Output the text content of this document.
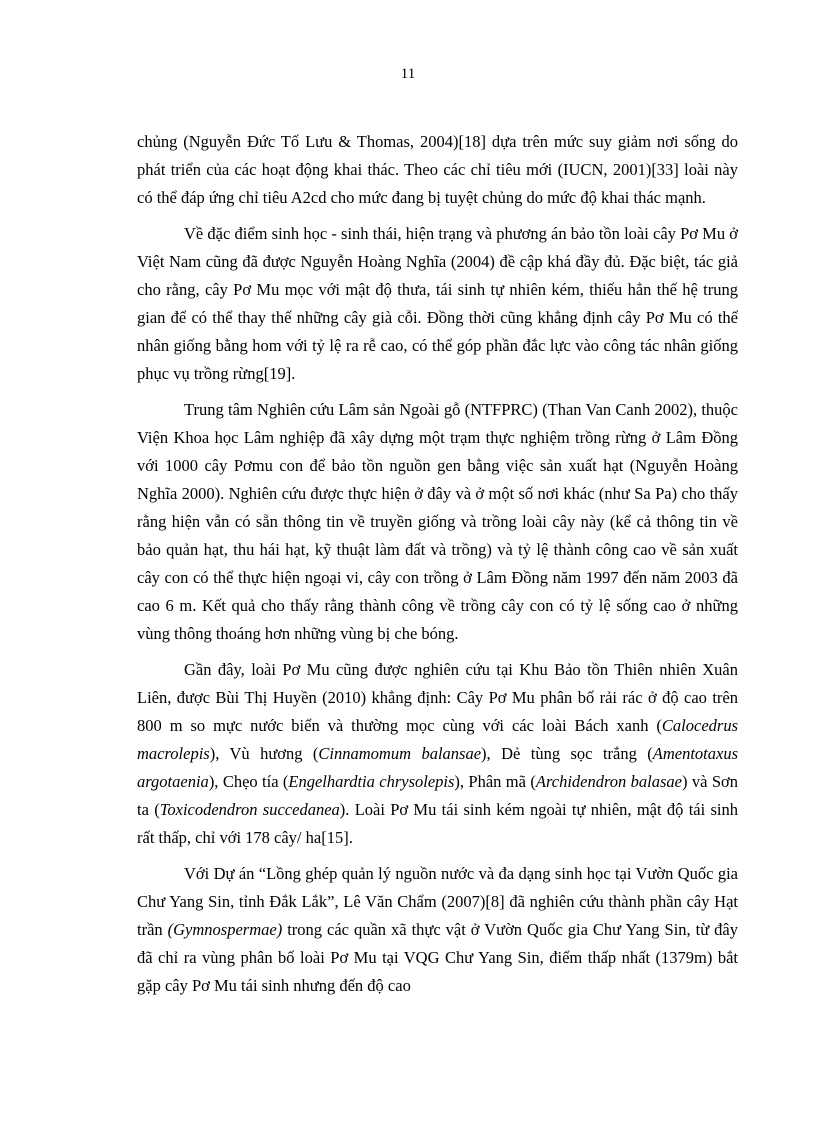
11

chủng (Nguyễn Đức Tố Lưu & Thomas, 2004)[18] dựa trên mức suy giảm nơi sống do phát triển của các hoạt động khai thác. Theo các chỉ tiêu mới (IUCN, 2001)[33] loài này có thể đáp ứng chỉ tiêu A2cd cho mức đang bị tuyệt chủng do mức độ khai thác mạnh.

Về đặc điểm sinh học - sinh thái, hiện trạng và phương án bảo tồn loài cây Pơ Mu ở Việt Nam cũng đã được Nguyễn Hoàng Nghĩa (2004) đề cập khá đầy đủ. Đặc biệt, tác giả cho rằng, cây Pơ Mu mọc với mật độ thưa, tái sinh tự nhiên kém, thiếu hẳn thế hệ trung gian để có thể thay thế những cây già cỗi. Đồng thời cũng khẳng định cây Pơ Mu có thể nhân giống bằng hom với tỷ lệ ra rễ cao, có thể góp phần đắc lực vào công tác nhân giống phục vụ trồng rừng[19].

Trung tâm Nghiên cứu Lâm sản Ngoài gỗ (NTFPRC) (Than Van Canh 2002), thuộc Viện Khoa học Lâm nghiệp đã xây dựng một trạm thực nghiệm trồng rừng ở Lâm Đồng với 1000 cây Pơmu con để bảo tồn nguồn gen bằng việc sản xuất hạt (Nguyễn Hoàng Nghĩa 2000). Nghiên cứu được thực hiện ở đây và ở một số nơi khác (như Sa Pa) cho thấy rằng hiện vẫn có sẵn thông tin về truyền giống và trồng loài cây này (kể cả thông tin về bảo quản hạt, thu hái hạt, kỹ thuật làm đất và trồng) và tỷ lệ thành công cao về sản xuất cây con có thể thực hiện ngoại vi, cây con trồng ở Lâm Đồng năm 1997 đến năm 2003 đã cao 6 m. Kết quả cho thấy rằng thành công về trồng cây con có tỷ lệ sống cao ở những vùng thông thoáng hơn những vùng bị che bóng.

Gần đây, loài Pơ Mu cũng được nghiên cứu tại Khu Bảo tồn Thiên nhiên Xuân Liên, được Bùi Thị Huyền (2010) khẳng định: Cây Pơ Mu phân bố rải rác ở độ cao trên 800 m so mực nước biển và thường mọc cùng với các loài Bách xanh (Calocedrus macrolepis), Vù hương (Cinnamomum balansae), Dẻ tùng sọc trắng (Amentotaxus argotaenia), Chẹo tía (Engelhardtia chrysolepis), Phân mã (Archidendron balasae) và Sơn ta (Toxicodendron succedanea). Loài Pơ Mu tái sinh kém ngoài tự nhiên, mật độ tái sinh rất thấp, chỉ với 178 cây/ ha[15].

Với Dự án “Lồng ghép quản lý nguồn nước và đa dạng sinh học tại Vườn Quốc gia Chư Yang Sin, tỉnh Đắk Lắk”, Lê Văn Chẩm (2007)[8] đã nghiên cứu thành phần cây Hạt trần (Gymnospermae) trong các quần xã thực vật ở Vườn Quốc gia Chư Yang Sin, từ đây đã chỉ ra vùng phân bố loài Pơ Mu tại VQG Chư Yang Sin, điểm thấp nhất (1379m) bắt gặp cây Pơ Mu tái sinh nhưng đến độ cao
